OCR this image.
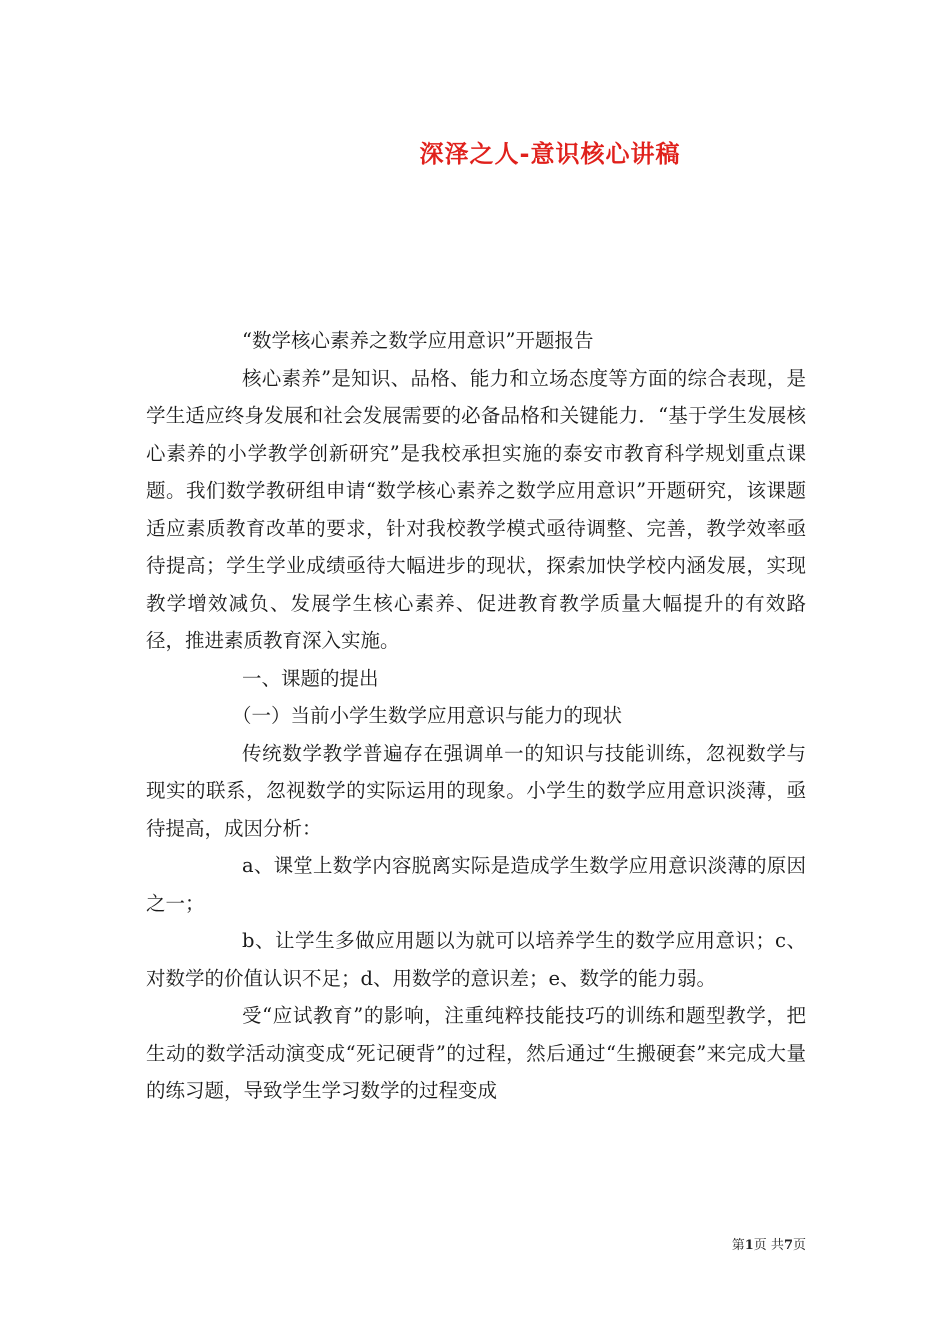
深泽之人-意识核心讲稿

“数学核心素养之数学应用意识”开题报告

核心素养”是知识、品格、能力和立场态度等方面的综合表现，是学生适应终身发展和社会发展需要的必备品格和关键能力．“基于学生发展核心素养的小学教学创新研究”是我校承担实施的泰安市教育科学规划重点课题。我们数学教研组申请“数学核心素养之数学应用意识”开题研究，该课题适应素质教育改革的要求，针对我校教学模式亟待调整、完善，教学效率亟待提高；学生学业成绩亟待大幅进步的现状，探索加快学校内涵发展，实现教学增效减负、发展学生核心素养、促进教育教学质量大幅提升的有效路径，推进素质教育深入实施。

一、课题的提出

（一）当前小学生数学应用意识与能力的现状

传统数学教学普遍存在强调单一的知识与技能训练，忽视数学与现实的联系，忽视数学的实际运用的现象。小学生的数学应用意识淡薄，亟待提高，成因分析：

a、课堂上数学内容脱离实际是造成学生数学应用意识淡薄的原因之一；

b、让学生多做应用题以为就可以培养学生的数学应用意识；c、对数学的价值认识不足；d、用数学的意识差；e、数学的能力弱。

受“应试教育”的影响，注重纯粹技能技巧的训练和题型教学，把生动的数学活动演变成“死记硬背”的过程，然后通过“生搬硬套”来完成大量的练习题，导致学生学习数学的过程变成

第1页 共7页
